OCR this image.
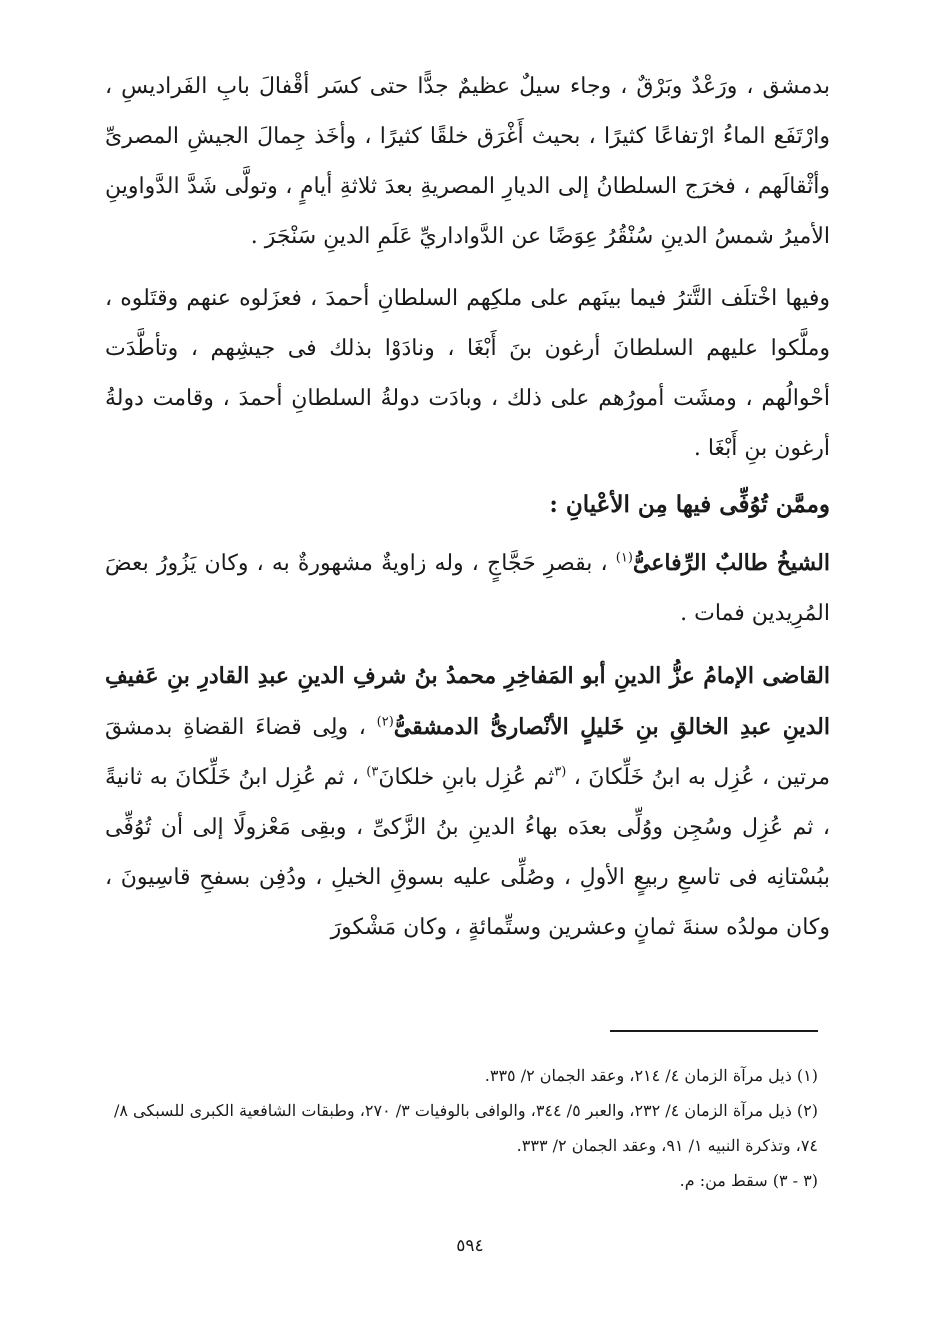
بدمشق ، ورَعْدٌ وبَرْقٌ ، وجاء سيلٌ عظيمٌ جدًّا حتى كسَر أقْفالَ بابِ الفَراديسِ ، وارْتَفَع الماءُ ارْتفاعًا كثيرًا ، بحيث أَغْرَق خلقًا كثيرًا ، وأخَذ جِمالَ الجيشِ المصرىِّ وأثْقالَهم ، فخرَج السلطانُ إلى الديارِ المصريةِ بعدَ ثلاثةِ أيامٍ ، وتولَّى شَدَّ الدَّواوينِ الأميرُ شمسُ الدينِ سُنْقُرُ عِوَضًا عن الدَّواداريِّ عَلَمِ الدينِ سَنْجَرَ .

وفيها اخْتلَف التَّترُ فيما بينَهم على ملكِهم السلطانِ أحمدَ ، فعزَلوه عنهم وقتَلوه ، وملَّكوا عليهم السلطانَ أرغون بنَ أَبْغَا ، ونادَوْا بذلك فى جيشِهم ، وتأطَّدَت أحْوالُهم ، ومشَت أمورُهم على ذلك ، وبادَت دولةُ السلطانِ أحمدَ ، وقامت دولةُ أرغون بنِ أَبْغَا .

وممَّن تُوُفِّى فيها مِن الأعْيانِ :

الشيخُ طالبٌ الرِّفاعىُّ$^{(١)}$ ، بقصرِ حَجَّاجٍ ، وله زاويةٌ مشهورةٌ به ، وكان يَزُورُ بعضَ المُرِيدين فمات .

القاضى الإمامُ عزُّ الدينِ أبو المَفاخِرِ محمدُ بنُ شرفِ الدينِ عبدِ القادرِ بنِ عَفيفِ الدينِ عبدِ الخالقِ بنِ خَليلٍ الأنْصارىُّ الدمشقىُّ$^{(٢)}$ ، ولِى قضاءَ القضاةِ بدمشقَ مرتين ، عُزِل به ابنُ خَلِّكانَ ، $^{(٣}$ثم عُزِل بابنِ خلكانَ$^{٣)}$ ، ثم عُزِل ابنُ خَلِّكانَ به ثانيةً ، ثم عُزِل وسُجِن ووُلِّى بعدَه بهاءُ الدينِ بنُ الزَّكىِّ ، وبقِى مَعْزولًا إلى أن تُوُفِّى ببُسْتانِه فى تاسعِ ربيعٍ الأولِ ، وصُلِّى عليه بسوقِ الخيلِ ، ودُفِن بسفحِ قاسِيونَ ، وكان مولدُه سنةَ ثمانٍ وعشرين وستِّمائةٍ ، وكان مَشْكورَ

(١) ذيل مرآة الزمان ٤/ ٢١٤، وعقد الجمان ٢/ ٣٣٥.

(٢) ذيل مرآة الزمان ٤/ ٢٣٢، والعبر ٥/ ٣٤٤، والوافى بالوفيات ٣/ ٢٧٠، وطبقات الشافعية الكبرى للسبكى ٨/ ٧٤، وتذكرة النبيه ١/ ٩١، وعقد الجمان ٢/ ٣٣٣.

(٣ - ٣) سقط من: م.

٥٩٤
